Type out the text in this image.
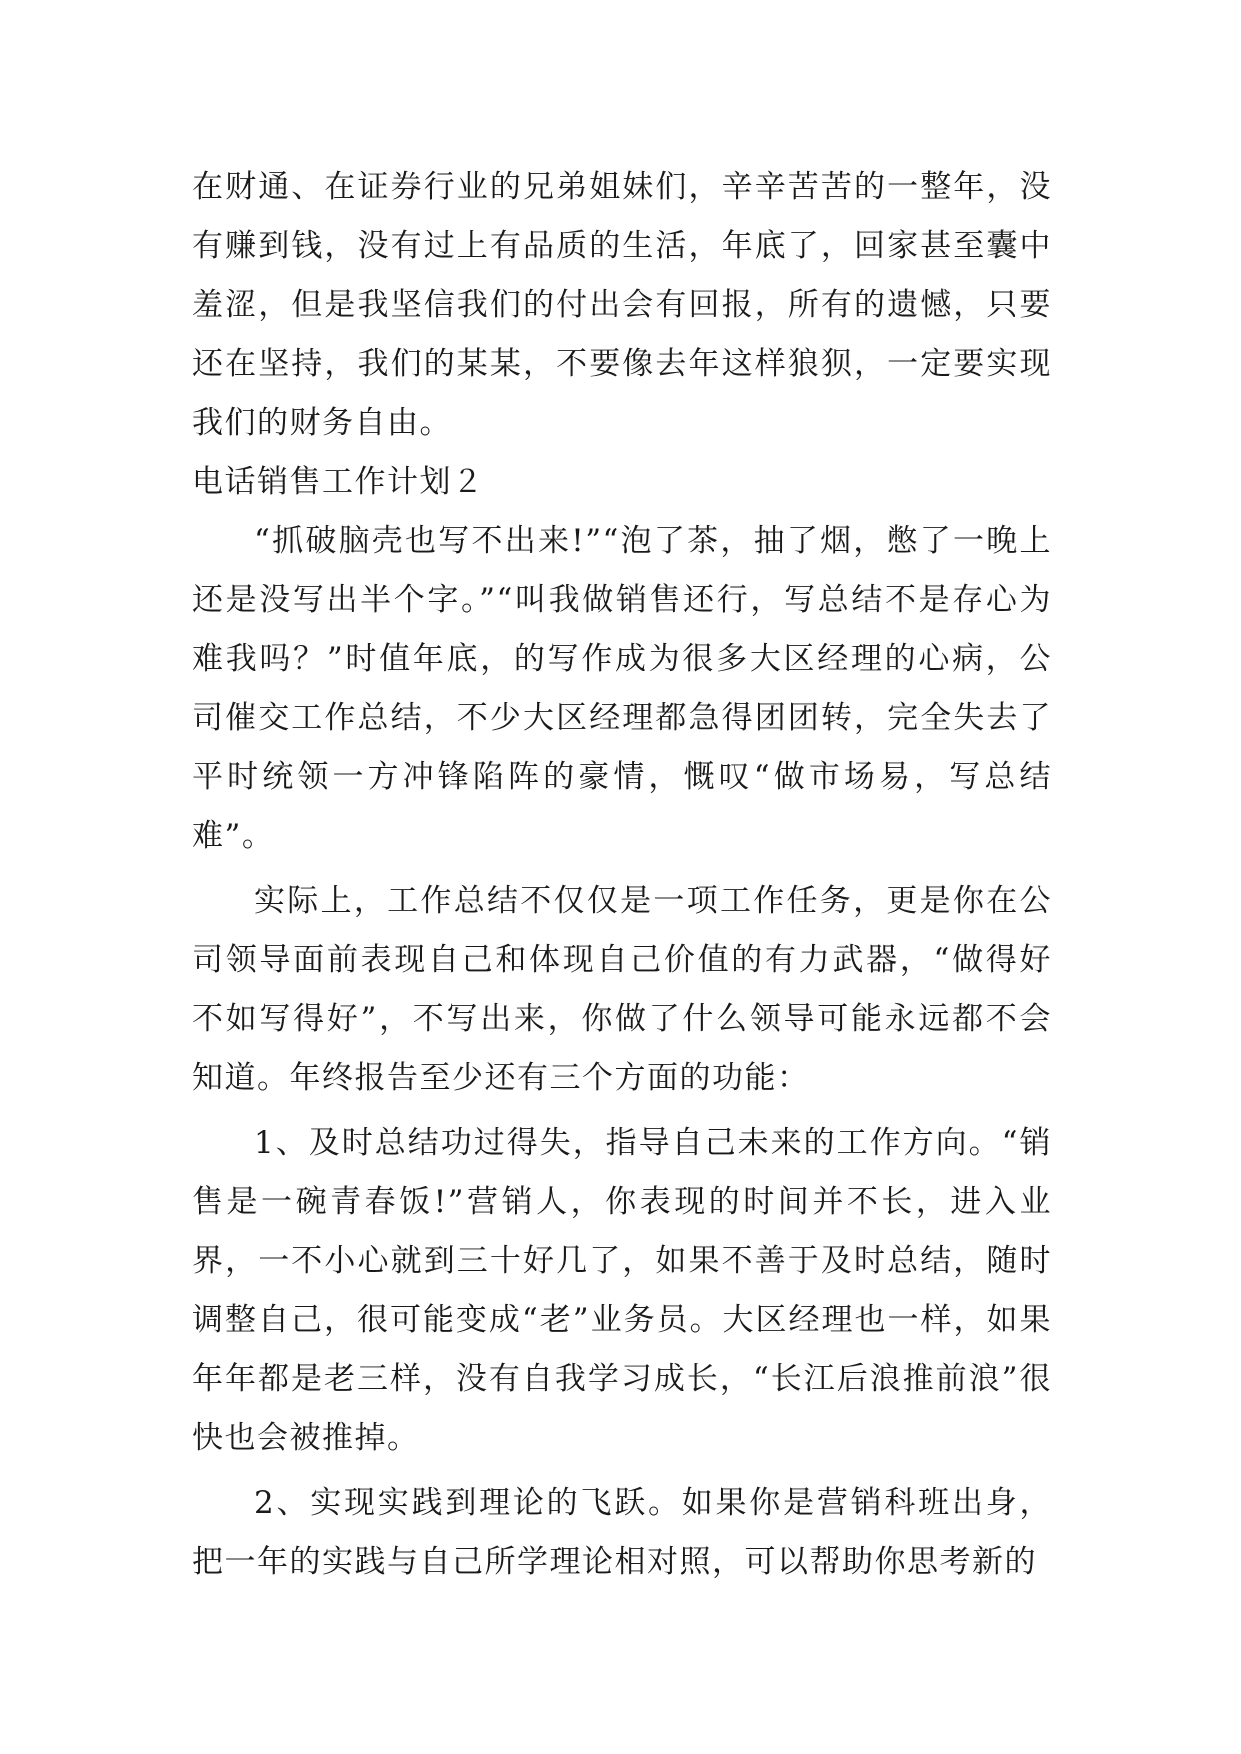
在财通、在证券行业的兄弟姐妹们，辛辛苦苦的一整年，没有赚到钱，没有过上有品质的生活，年底了，回家甚至囊中羞涩，但是我坚信我们的付出会有回报，所有的遗憾，只要还在坚持，我们的某某，不要像去年这样狼狈，一定要实现我们的财务自由。

电话销售工作计划２

“抓破脑壳也写不出来!”“泡了茶，抽了烟，憋了一晚上还是没写出半个字。”“叫我做销售还行，写总结不是存心为难我吗？”时值年底，的写作成为很多大区经理的心病，公司催交工作总结，不少大区经理都急得团团转，完全失去了平时统领一方冲锋陷阵的豪情，慨叹“做市场易，写总结难”。

实际上，工作总结不仅仅是一项工作任务，更是你在公司领导面前表现自己和体现自己价值的有力武器，“做得好不如写得好”，不写出来，你做了什么领导可能永远都不会知道。年终报告至少还有三个方面的功能：

1、及时总结功过得失，指导自己未来的工作方向。“销售是一碗青春饭!”营销人，你表现的时间并不长，进入业界，一不小心就到三十好几了，如果不善于及时总结，随时调整自己，很可能变成“老”业务员。大区经理也一样，如果年年都是老三样，没有自我学习成长，“长江后浪推前浪”很快也会被推掉。

2、实现实践到理论的飞跃。如果你是营销科班出身，把一年的实践与自己所学理论相对照，可以帮助你思考新的
